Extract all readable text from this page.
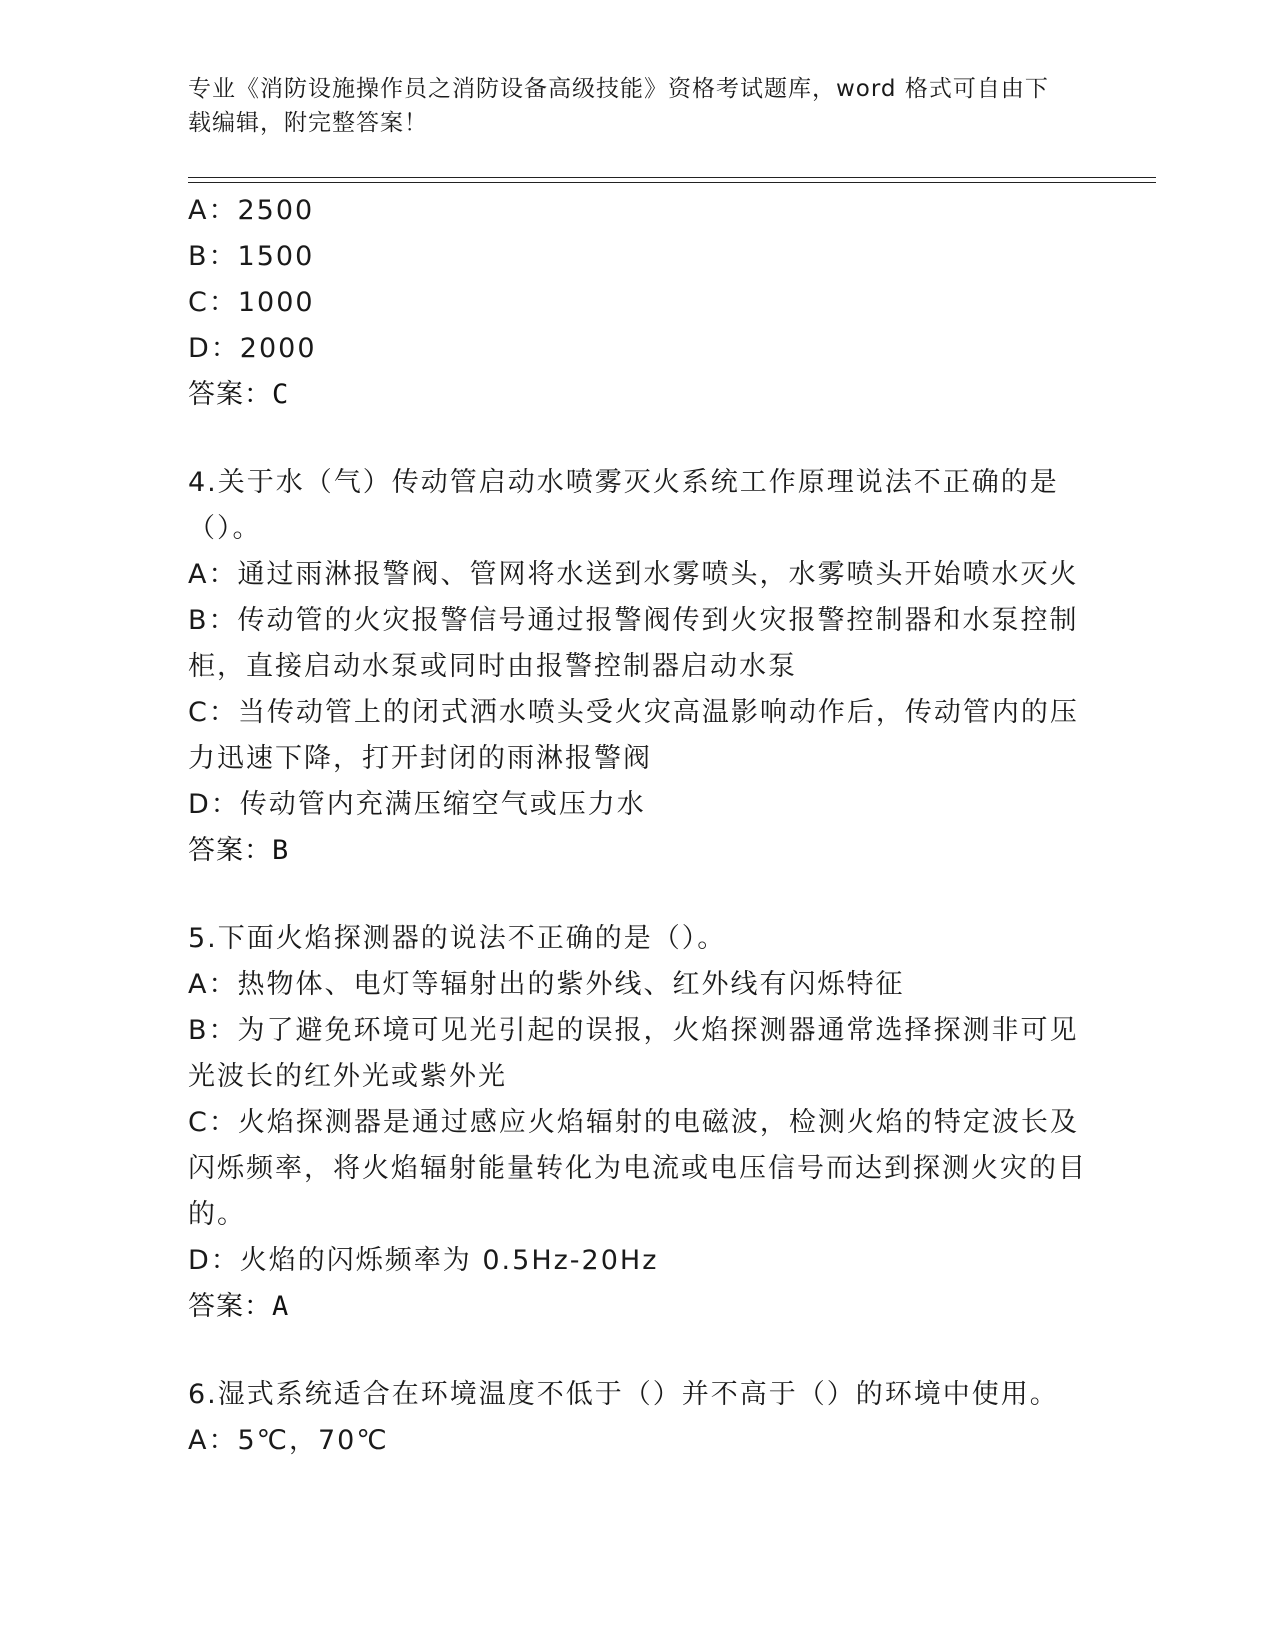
专业《消防设施操作员之消防设备高级技能》资格考试题库，word 格式可自由下载编辑，附完整答案！
A：2500
B：1500
C：1000
D：2000
答案：C
4.关于水（气）传动管启动水喷雾灭火系统工作原理说法不正确的是（）。
A：通过雨淋报警阀、管网将水送到水雾喷头，水雾喷头开始喷水灭火
B：传动管的火灾报警信号通过报警阀传到火灾报警控制器和水泵控制柜，直接启动水泵或同时由报警控制器启动水泵
C：当传动管上的闭式洒水喷头受火灾高温影响动作后，传动管内的压力迅速下降，打开封闭的雨淋报警阀
D：传动管内充满压缩空气或压力水
答案：B
5.下面火焰探测器的说法不正确的是（）。
A：热物体、电灯等辐射出的紫外线、红外线有闪烁特征
B：为了避免环境可见光引起的误报，火焰探测器通常选择探测非可见光波长的红外光或紫外光
C：火焰探测器是通过感应火焰辐射的电磁波，检测火焰的特定波长及闪烁频率，将火焰辐射能量转化为电流或电压信号而达到探测火灾的目的。
D：火焰的闪烁频率为 0.5Hz-20Hz
答案：A
6.湿式系统适合在环境温度不低于（）并不高于（）的环境中使用。
A：5℃，70℃
